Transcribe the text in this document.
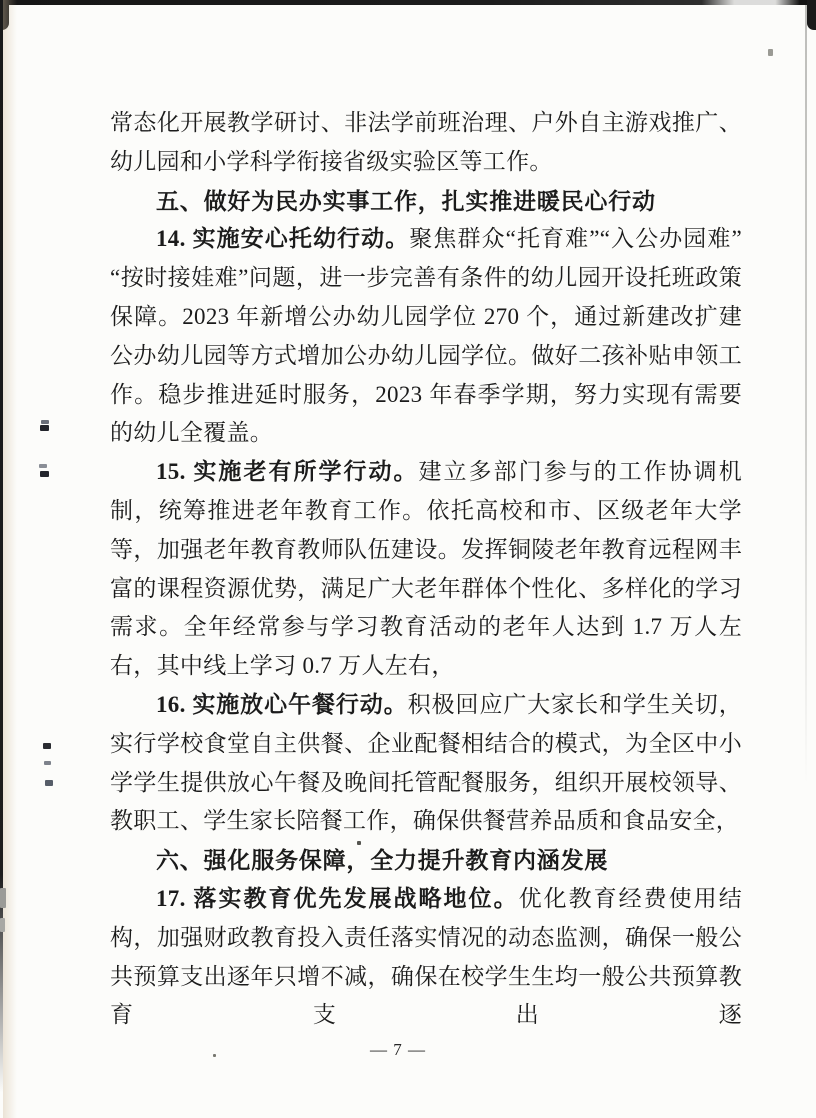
常态化开展教学研讨、非法学前班治理、户外自主游戏推广、幼儿园和小学科学衔接省级实验区等工作。

五、做好为民办实事工作，扎实推进暖民心行动

14. 实施安心托幼行动。聚焦群众“托育难”“入公办园难”“按时接娃难”问题，进一步完善有条件的幼儿园开设托班政策保障。2023 年新增公办幼儿园学位 270 个，通过新建改扩建公办幼儿园等方式增加公办幼儿园学位。做好二孩补贴申领工作。稳步推进延时服务，2023 年春季学期，努力实现有需要的幼儿全覆盖。

15. 实施老有所学行动。建立多部门参与的工作协调机制，统筹推进老年教育工作。依托高校和市、区级老年大学等，加强老年教育教师队伍建设。发挥铜陵老年教育远程网丰富的课程资源优势，满足广大老年群体个性化、多样化的学习需求。全年经常参与学习教育活动的老年人达到 1.7 万人左右，其中线上学习 0.7 万人左右，

16. 实施放心午餐行动。积极回应广大家长和学生关切，实行学校食堂自主供餐、企业配餐相结合的模式，为全区中小学学生提供放心午餐及晚间托管配餐服务，组织开展校领导、教职工、学生家长陪餐工作，确保供餐营养品质和食品安全，

六、强化服务保障，全力提升教育内涵发展

17. 落实教育优先发展战略地位。优化教育经费使用结构，加强财政教育投入责任落实情况的动态监测，确保一般公共预算支出逐年只增不减，确保在校学生生均一般公共预算教育支出逐

— 7 —
